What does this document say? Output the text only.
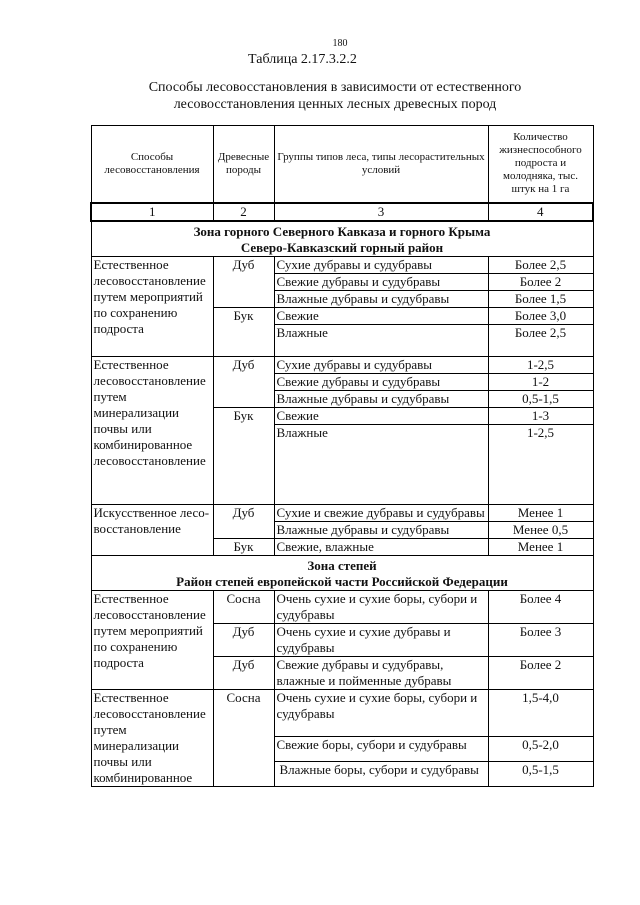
180
Таблица 2.17.3.2.2
Способы лесовосстановления в зависимости от естественного
лесовосстановления ценных лесных древесных пород
Способы лесовосстановления	Древесные породы	Группы типов леса, типы лесорастительных условий	Количество жизнеспособного подроста и молодняка, тыс. штук на 1 га
1	2	3	4

Зона горного Северного Кавказа и горного Крыма
Северо-Кавказский горный район			

Естественное лесовосстановление путем мероприятий по сохранению подроста	Дуб	Сухие дубравы и судубравы	Более 2,5
		Свежие дубравы и судубравы	Более 2
		Влажные дубравы и судубравы	Более 1,5
	Бук	Свежие	Более 3,0
		Влажные	Более 2,5
Естественное лесовосстановление путем минерализации почвы или комбинированное лесовосстановление	Дуб	Сухие дубравы и судубравы	1-2,5
		Свежие дубравы и судубравы	1-2
		Влажные дубравы и судубравы	0,5-1,5
	Бук	Свежие	1-3
		Влажные	1-2,5
Искусственное лесо-восстановление	Дуб	Сухие и свежие дубравы и судубравы	Менее 1
		Влажные дубравы и судубравы	Менее 0,5
	Бук	Свежие, влажные	Менее 1

Зона степей
Район степей европейской части Российской Федерации			

Естественное лесовосстановление путем мероприятий по сохранению подроста	Сосна	Очень сухие и сухие боры, субори и судубравы	Более 4
	Дуб	Очень сухие и сухие дубравы и судубравы	Более 3
	Дуб	Свежие дубравы и судубравы, влажные и пойменные дубравы	Более 2
Естественное лесовосстановление путем минерализации почвы или комбинированное	Сосна	Очень сухие и сухие боры, субори и судубравы	1,5-4,0
		Свежие боры, субори и судубравы	0,5-2,0
		Влажные боры, субори и судубравы	0,5-1,5
